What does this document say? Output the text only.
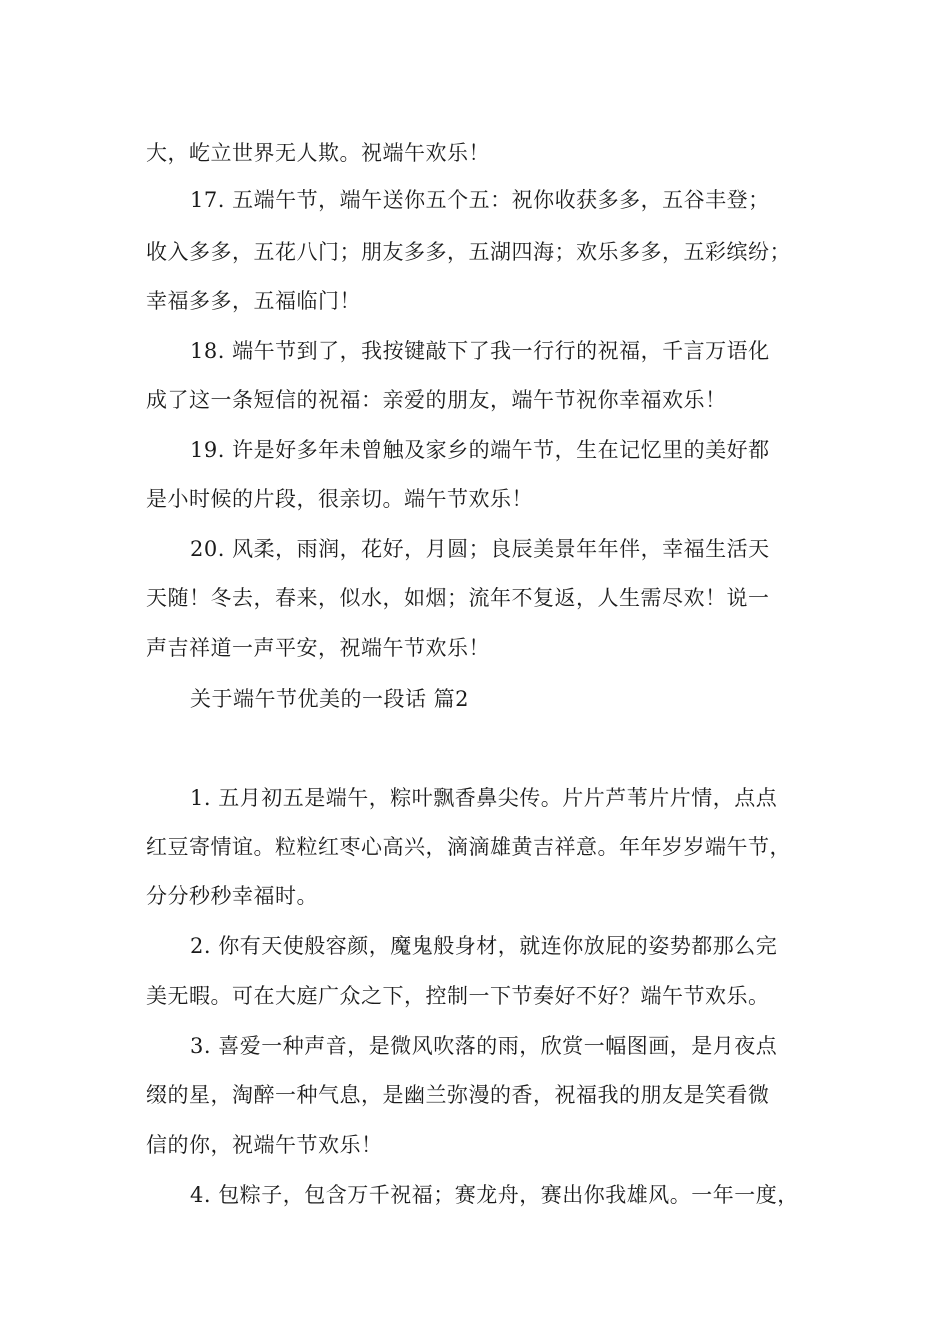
大，屹立世界无人欺。祝端午欢乐！
17. 五端午节，端午送你五个五：祝你收获多多，五谷丰登；
收入多多，五花八门；朋友多多，五湖四海；欢乐多多，五彩缤纷；
幸福多多，五福临门！
18. 端午节到了，我按键敲下了我一行行的祝福，千言万语化
成了这一条短信的祝福：亲爱的朋友，端午节祝你幸福欢乐！
19. 许是好多年未曾触及家乡的端午节，生在记忆里的美好都
是小时候的片段，很亲切。端午节欢乐！
20. 风柔，雨润，花好，月圆；良辰美景年年伴，幸福生活天
天随！冬去，春来，似水，如烟；流年不复返，人生需尽欢！说一
声吉祥道一声平安，祝端午节欢乐！
关于端午节优美的一段话 篇2
1. 五月初五是端午，粽叶飘香鼻尖传。片片芦苇片片情，点点
红豆寄情谊。粒粒红枣心高兴，滴滴雄黄吉祥意。年年岁岁端午节，
分分秒秒幸福时。
2. 你有天使般容颜，魔鬼般身材，就连你放屁的姿势都那么完
美无暇。可在大庭广众之下，控制一下节奏好不好？端午节欢乐。
3. 喜爱一种声音，是微风吹落的雨，欣赏一幅图画，是月夜点
缀的星，淘醉一种气息，是幽兰弥漫的香，祝福我的朋友是笑看微
信的你，祝端午节欢乐！
4. 包粽子，包含万千祝福；赛龙舟，赛出你我雄风。一年一度，
